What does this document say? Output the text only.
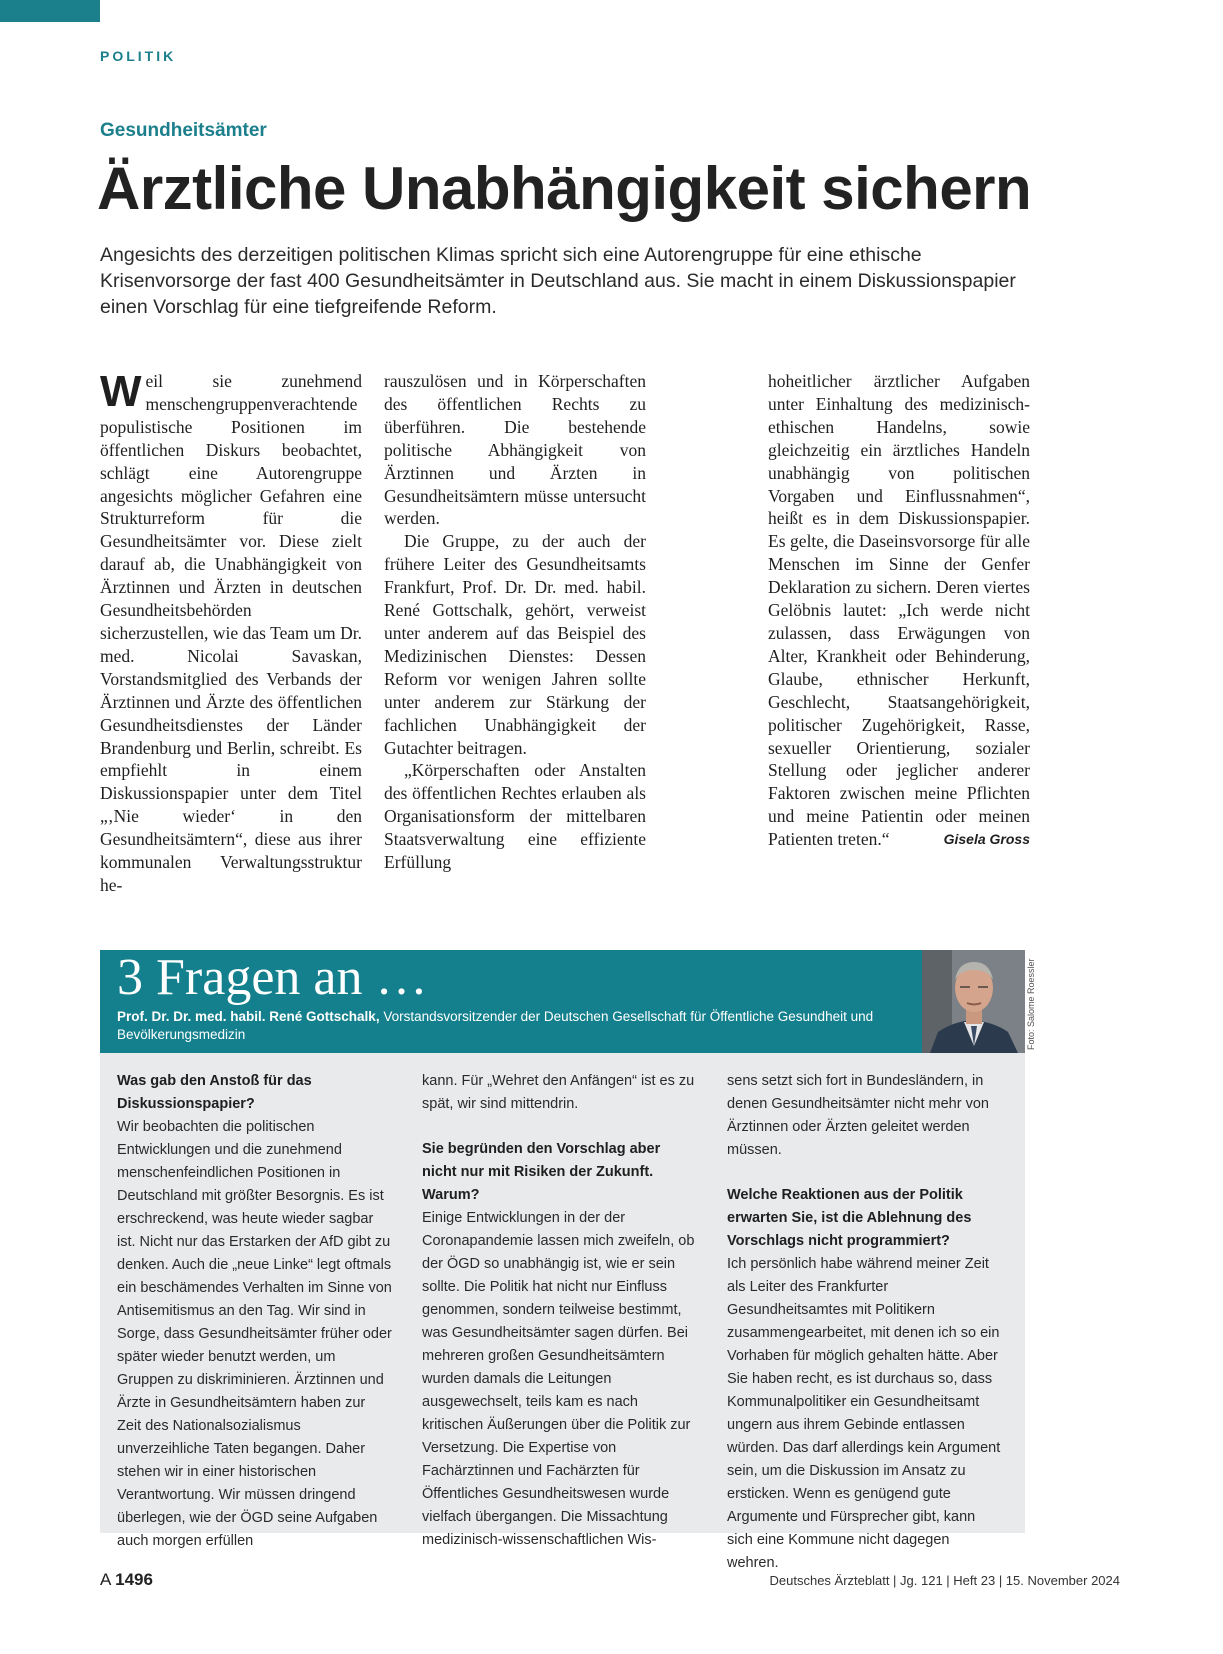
POLITIK
Gesundheitsämter
Ärztliche Unabhängigkeit sichern

Angesichts des derzeitigen politischen Klimas spricht sich eine Autorengruppe für eine ethische Krisenvorsorge der fast 400 Gesundheitsämter in Deutschland aus. Sie macht in einem Diskussionspapier einen Vorschlag für eine tiefgreifende Reform.

Weil sie zunehmend menschengruppenverachtende populistische Positionen im öffentlichen Diskurs beobachtet, schlägt eine Autorengruppe angesichts möglicher Gefahren eine Strukturreform für die Gesundheitsämter vor. Diese zielt darauf ab, die Unabhängigkeit von Ärztinnen und Ärzten in deutschen Gesundheitsbehörden sicherzustellen, wie das Team um Dr. med. Nicolai Savaskan, Vorstandsmitglied des Verbands der Ärztinnen und Ärzte des öffentlichen Gesundheitsdienstes der Länder Brandenburg und Berlin, schreibt. Es empfiehlt in einem Diskussionspapier unter dem Titel „‚Nie wieder‘ in den Gesundheitsämtern“, diese aus ihrer kommunalen Verwaltungsstruktur he-

rauszulösen und in Körperschaften des öffentlichen Rechts zu überführen. Die bestehende politische Abhängigkeit von Ärztinnen und Ärzten in Gesundheitsämtern müsse untersucht werden.

Die Gruppe, zu der auch der frühere Leiter des Gesundheitsamts Frankfurt, Prof. Dr. Dr. med. habil. René Gottschalk, gehört, verweist unter anderem auf das Beispiel des Medizinischen Dienstes: Dessen Reform vor wenigen Jahren sollte unter anderem zur Stärkung der fachlichen Unabhängigkeit der Gutachter beitragen.

„Körperschaften oder Anstalten des öffentlichen Rechtes erlauben als Organisationsform der mittelbaren Staatsverwaltung eine effiziente Erfüllung

hoheitlicher ärztlicher Aufgaben unter Einhaltung des medizinisch-ethischen Handelns, sowie gleichzeitig ein ärztliches Handeln unabhängig von politischen Vorgaben und Einflussnahmen“, heißt es in dem Diskussionspapier. Es gelte, die Daseinsvorsorge für alle Menschen im Sinne der Genfer Deklaration zu sichern. Deren viertes Gelöbnis lautet: „Ich werde nicht zulassen, dass Erwägungen von Alter, Krankheit oder Behinderung, Glaube, ethnischer Herkunft, Geschlecht, Staatsangehörigkeit, politischer Zugehörigkeit, Rasse, sexueller Orientierung, sozialer Stellung oder jeglicher anderer Faktoren zwischen meine Pflichten und meine Patientin oder meinen Patienten treten.“	Gisela Gross

3 Fragen an …

Prof. Dr. Dr. med. habil. René Gottschalk, Vorstandsvorsitzender der Deutschen Gesellschaft für Öffentliche Gesundheit und Bevölkerungsmedizin

Was gab den Anstoß für das Diskussionspapier?

Wir beobachten die politischen Entwicklungen und die zunehmend menschenfeindlichen Positionen in Deutschland mit größter Besorgnis. Es ist erschreckend, was heute wieder sagbar ist. Nicht nur das Erstarken der AfD gibt zu denken. Auch die „neue Linke“ legt oftmals ein beschämendes Verhalten im Sinne von Antisemitismus an den Tag. Wir sind in Sorge, dass Gesundheitsämter früher oder später wieder benutzt werden, um Gruppen zu diskriminieren. Ärztinnen und Ärzte in Gesundheitsämtern haben zur Zeit des Nationalsozialismus unverzeihliche Taten begangen. Daher stehen wir in einer historischen Verantwortung. Wir müssen dringend überlegen, wie der ÖGD seine Aufgaben auch morgen erfüllen

kann. Für „Wehret den Anfängen“ ist es zu spät, wir sind mittendrin.

Sie begründen den Vorschlag aber nicht nur mit Risiken der Zukunft. Warum?

Einige Entwicklungen in der der Coronapandemie lassen mich zweifeln, ob der ÖGD so unabhängig ist, wie er sein sollte. Die Politik hat nicht nur Einfluss genommen, sondern teilweise bestimmt, was Gesundheitsämter sagen dürfen. Bei mehreren großen Gesundheitsämtern wurden damals die Leitungen ausgewechselt, teils kam es nach kritischen Äußerungen über die Politik zur Versetzung. Die Expertise von Fachärztinnen und Fachärzten für Öffentliches Gesundheitswesen wurde vielfach übergangen. Die Missachtung medizinisch-wissenschaftlichen Wis-

sens setzt sich fort in Bundesländern, in denen Gesundheitsämter nicht mehr von Ärztinnen oder Ärzten geleitet werden müssen.

Welche Reaktionen aus der Politik erwarten Sie, ist die Ablehnung des Vorschlags nicht programmiert?

Ich persönlich habe während meiner Zeit als Leiter des Frankfurter Gesundheitsamtes mit Politikern zusammengearbeitet, mit denen ich so ein Vorhaben für möglich gehalten hätte. Aber Sie haben recht, es ist durchaus so, dass Kommunalpolitiker ein Gesundheitsamt ungern aus ihrem Gebinde entlassen würden. Das darf allerdings kein Argument sein, um die Diskussion im Ansatz zu ersticken. Wenn es genügend gute Argumente und Fürsprecher gibt, kann sich eine Kommune nicht dagegen wehren.

Foto: Salome Roessler
A 1496	Deutsches Ärzteblatt | Jg. 121 | Heft 23 | 15. November 2024
